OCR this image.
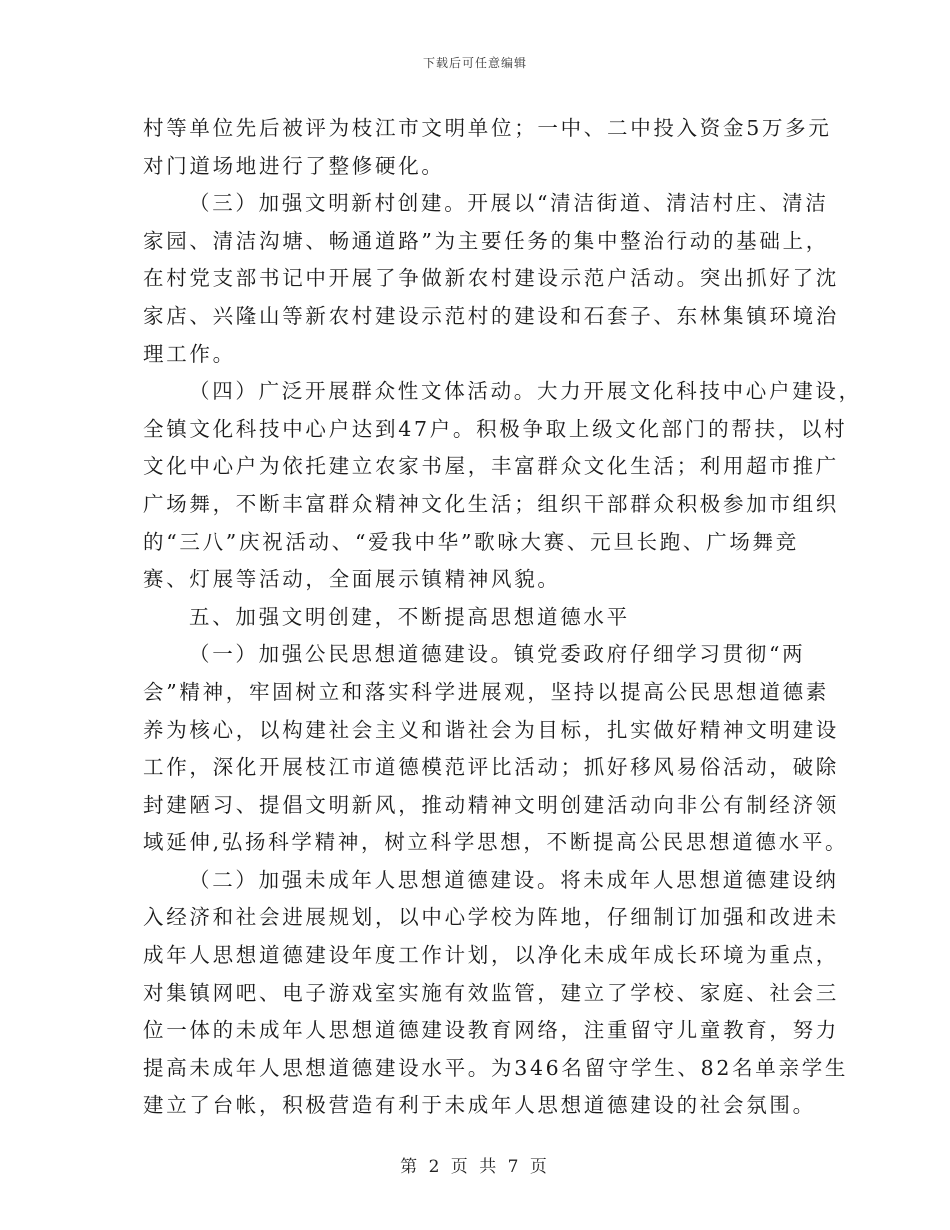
下载后可任意编辑
村等单位先后被评为枝江市文明单位；一中、二中投入资金5万多元
对门道场地进行了整修硬化。
（三）加强文明新村创建。开展以“清洁街道、清洁村庄、清洁
家园、清洁沟塘、畅通道路”为主要任务的集中整治行动的基础上，
在村党支部书记中开展了争做新农村建设示范户活动。突出抓好了沈
家店、兴隆山等新农村建设示范村的建设和石套子、东林集镇环境治
理工作。
（四）广泛开展群众性文体活动。大力开展文化科技中心户建设，
全镇文化科技中心户达到47户。积极争取上级文化部门的帮扶，以村
文化中心户为依托建立农家书屋，丰富群众文化生活；利用超市推广
广场舞，不断丰富群众精神文化生活；组织干部群众积极参加市组织
的“三八”庆祝活动、“爱我中华”歌咏大赛、元旦长跑、广场舞竞
赛、灯展等活动，全面展示镇精神风貌。
五、加强文明创建，不断提高思想道德水平
（一）加强公民思想道德建设。镇党委政府仔细学习贯彻“两
会”精神，牢固树立和落实科学进展观，坚持以提高公民思想道德素
养为核心，以构建社会主义和谐社会为目标，扎实做好精神文明建设
工作，深化开展枝江市道德模范评比活动；抓好移风易俗活动，破除
封建陋习、提倡文明新风，推动精神文明创建活动向非公有制经济领
域延伸,弘扬科学精神，树立科学思想，不断提高公民思想道德水平。
（二）加强未成年人思想道德建设。将未成年人思想道德建设纳
入经济和社会进展规划，以中心学校为阵地，仔细制订加强和改进未
成年人思想道德建设年度工作计划，以净化未成年成长环境为重点，
对集镇网吧、电子游戏室实施有效监管，建立了学校、家庭、社会三
位一体的未成年人思想道德建设教育网络，注重留守儿童教育，努力
提高未成年人思想道德建设水平。为346名留守学生、82名单亲学生
建立了台帐，积极营造有利于未成年人思想道德建设的社会氛围。
第 2 页 共 7 页
